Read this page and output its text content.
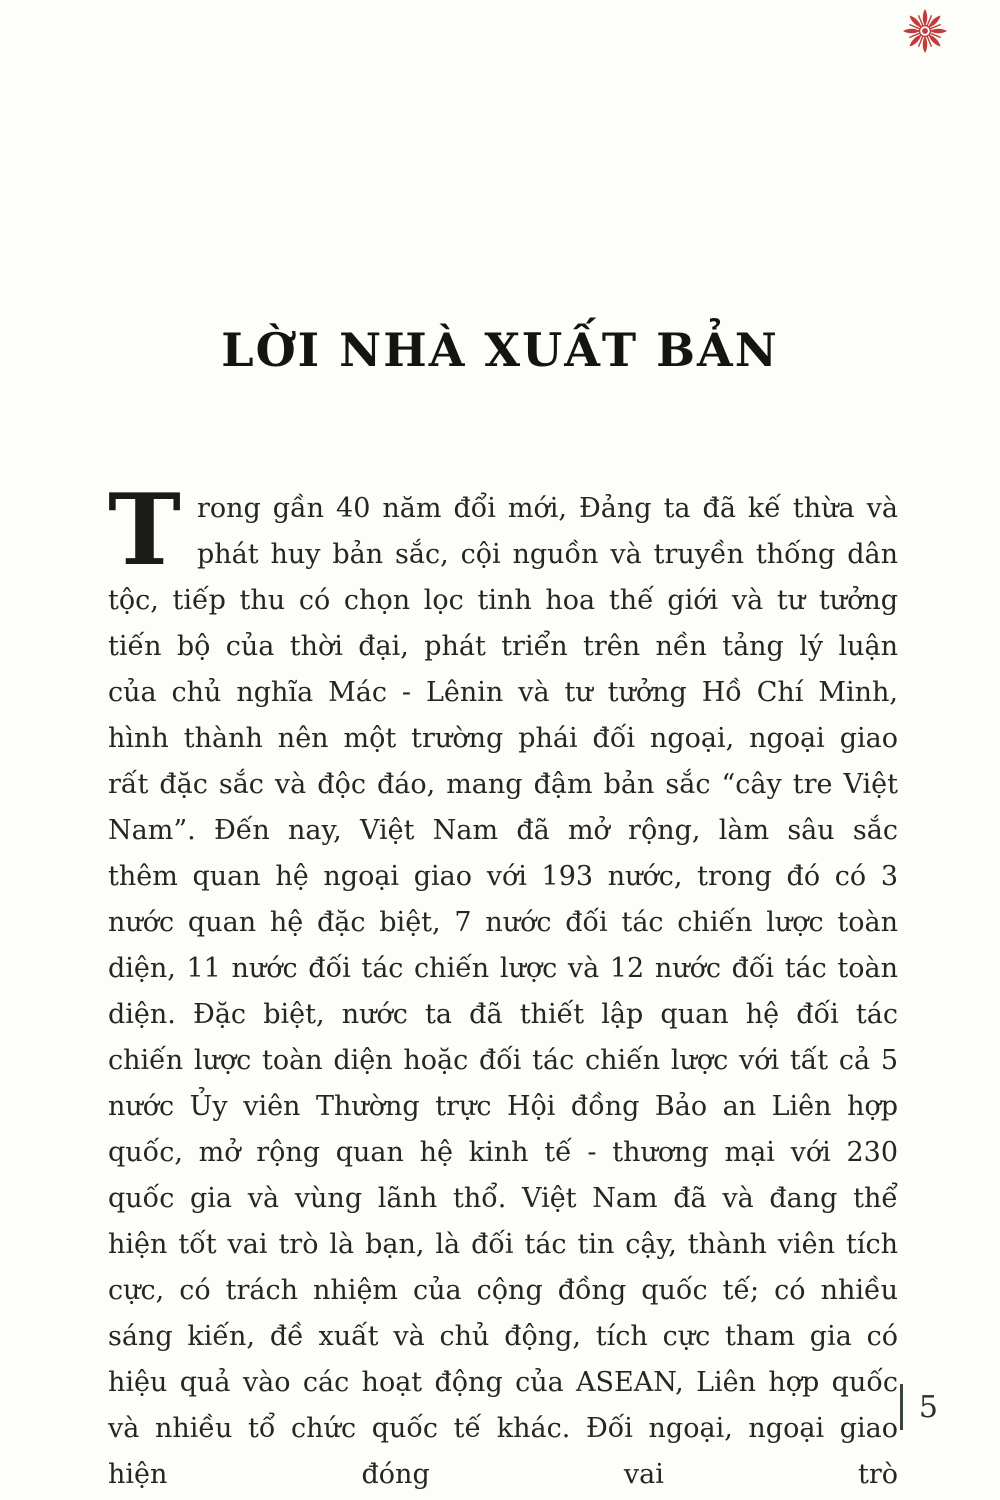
LỜI NHÀ XUẤT BẢN

Trong gần 40 năm đổi mới, Đảng ta đã kế thừa và phát huy bản sắc, cội nguồn và truyền thống dân tộc, tiếp thu có chọn lọc tinh hoa thế giới và tư tưởng tiến bộ của thời đại, phát triển trên nền tảng lý luận của chủ nghĩa Mác - Lênin và tư tưởng Hồ Chí Minh, hình thành nên một trường phái đối ngoại, ngoại giao rất đặc sắc và độc đáo, mang đậm bản sắc “cây tre Việt Nam”. Đến nay, Việt Nam đã mở rộng, làm sâu sắc thêm quan hệ ngoại giao với 193 nước, trong đó có 3 nước quan hệ đặc biệt, 7 nước đối tác chiến lược toàn diện, 11 nước đối tác chiến lược và 12 nước đối tác toàn diện. Đặc biệt, nước ta đã thiết lập quan hệ đối tác chiến lược toàn diện hoặc đối tác chiến lược với tất cả 5 nước Ủy viên Thường trực Hội đồng Bảo an Liên hợp quốc, mở rộng quan hệ kinh tế - thương mại với 230 quốc gia và vùng lãnh thổ. Việt Nam đã và đang thể hiện tốt vai trò là bạn, là đối tác tin cậy, thành viên tích cực, có trách nhiệm của cộng đồng quốc tế; có nhiều sáng kiến, đề xuất và chủ động, tích cực tham gia có hiệu quả vào các hoạt động của ASEAN, Liên hợp quốc và nhiều tổ chức quốc tế khác. Đối ngoại, ngoại giao hiện đóng vai trò

5
